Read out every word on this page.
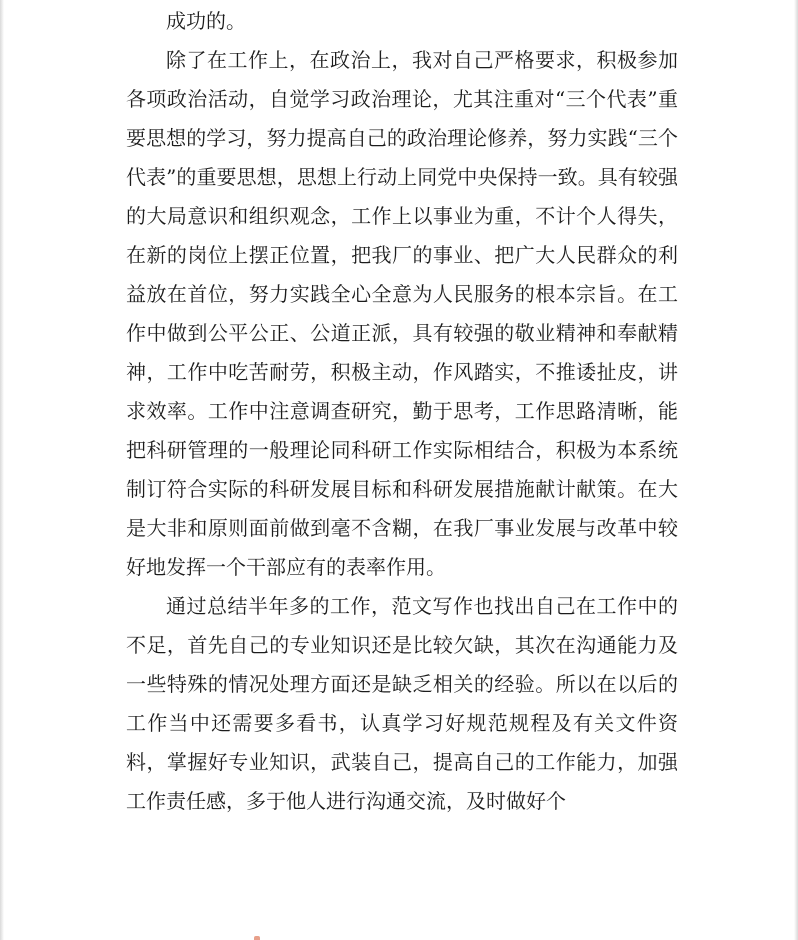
成功的。

除了在工作上，在政治上，我对自己严格要求，积极参加各项政治活动，自觉学习政治理论，尤其注重对“三个代表”重要思想的学习，努力提高自己的政治理论修养，努力实践“三个代表”的重要思想，思想上行动上同党中央保持一致。具有较强的大局意识和组织观念，工作上以事业为重，不计个人得失，在新的岗位上摆正位置，把我厂的事业、把广大人民群众的利益放在首位，努力实践全心全意为人民服务的根本宗旨。在工作中做到公平公正、公道正派，具有较强的敬业精神和奉献精神，工作中吃苦耐劳，积极主动，作风踏实，不推诿扯皮，讲求效率。工作中注意调查研究，勤于思考，工作思路清晰，能把科研管理的一般理论同科研工作实际相结合，积极为本系统制订符合实际的科研发展目标和科研发展措施献计献策。在大是大非和原则面前做到毫不含糊，在我厂事业发展与改革中较好地发挥一个干部应有的表率作用。

通过总结半年多的工作，范文写作也找出自己在工作中的不足，首先自己的专业知识还是比较欠缺，其次在沟通能力及一些特殊的情况处理方面还是缺乏相关的经验。所以在以后的工作当中还需要多看书，认真学习好规范规程及有关文件资料，掌握好专业知识，武装自己，提高自己的工作能力，加强工作责任感，多于他人进行沟通交流，及时做好个
